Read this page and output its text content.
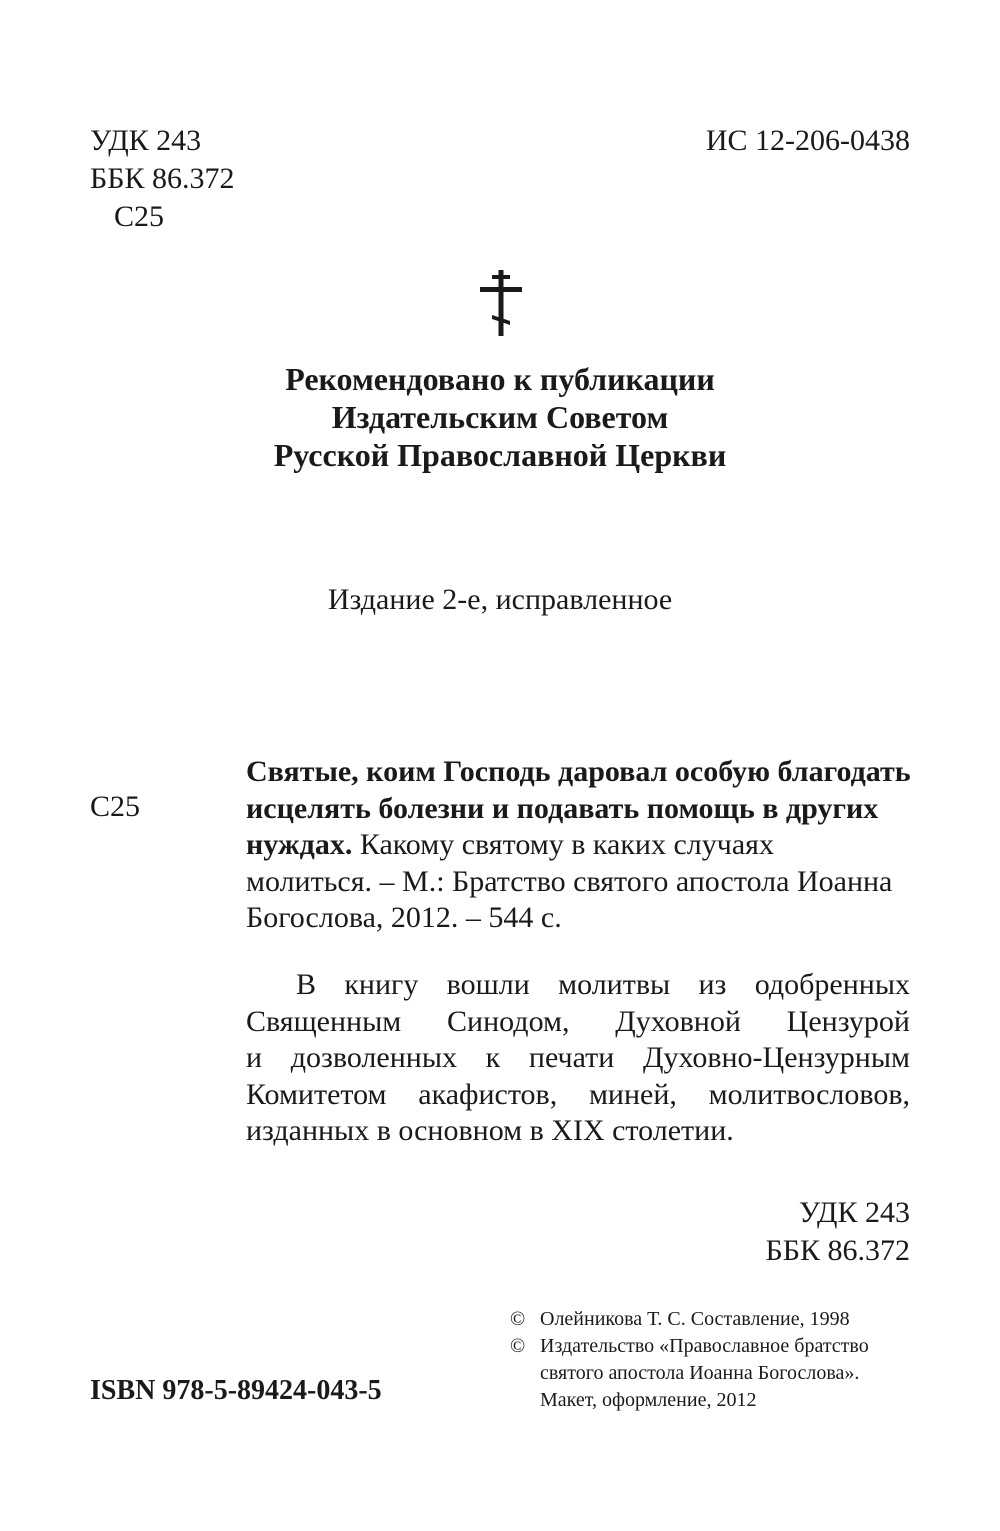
УДК 243
ББК 86.372
С25
ИС 12-206-0438
Рекомендовано к публикации
Издательским Советом
Русской Православной Церкви
Издание 2-е, исправленное
С25
Святые, коим Господь даровал особую благодать
исцелять болезни и подавать помощь в других
нуждах. Какому святому в каких случаях
молиться. – М.: Братство святого апостола Иоанна
Богослова, 2012. – 544 с.
В книгу вошли молитвы из одобренных
Священным Синодом, Духовной Цензурой
и дозволенных к печати Духовно-Цензурным
Комитетом акафистов, миней, молитвословов,
изданных в основном в XIX столетии.
УДК 243
ББК 86.372
© Олейникова Т. С. Составление, 1998
© Издательство «Православное братство
святого апостола Иоанна Богослова».
Макет, оформление, 2012
ISBN 978-5-89424-043-5
